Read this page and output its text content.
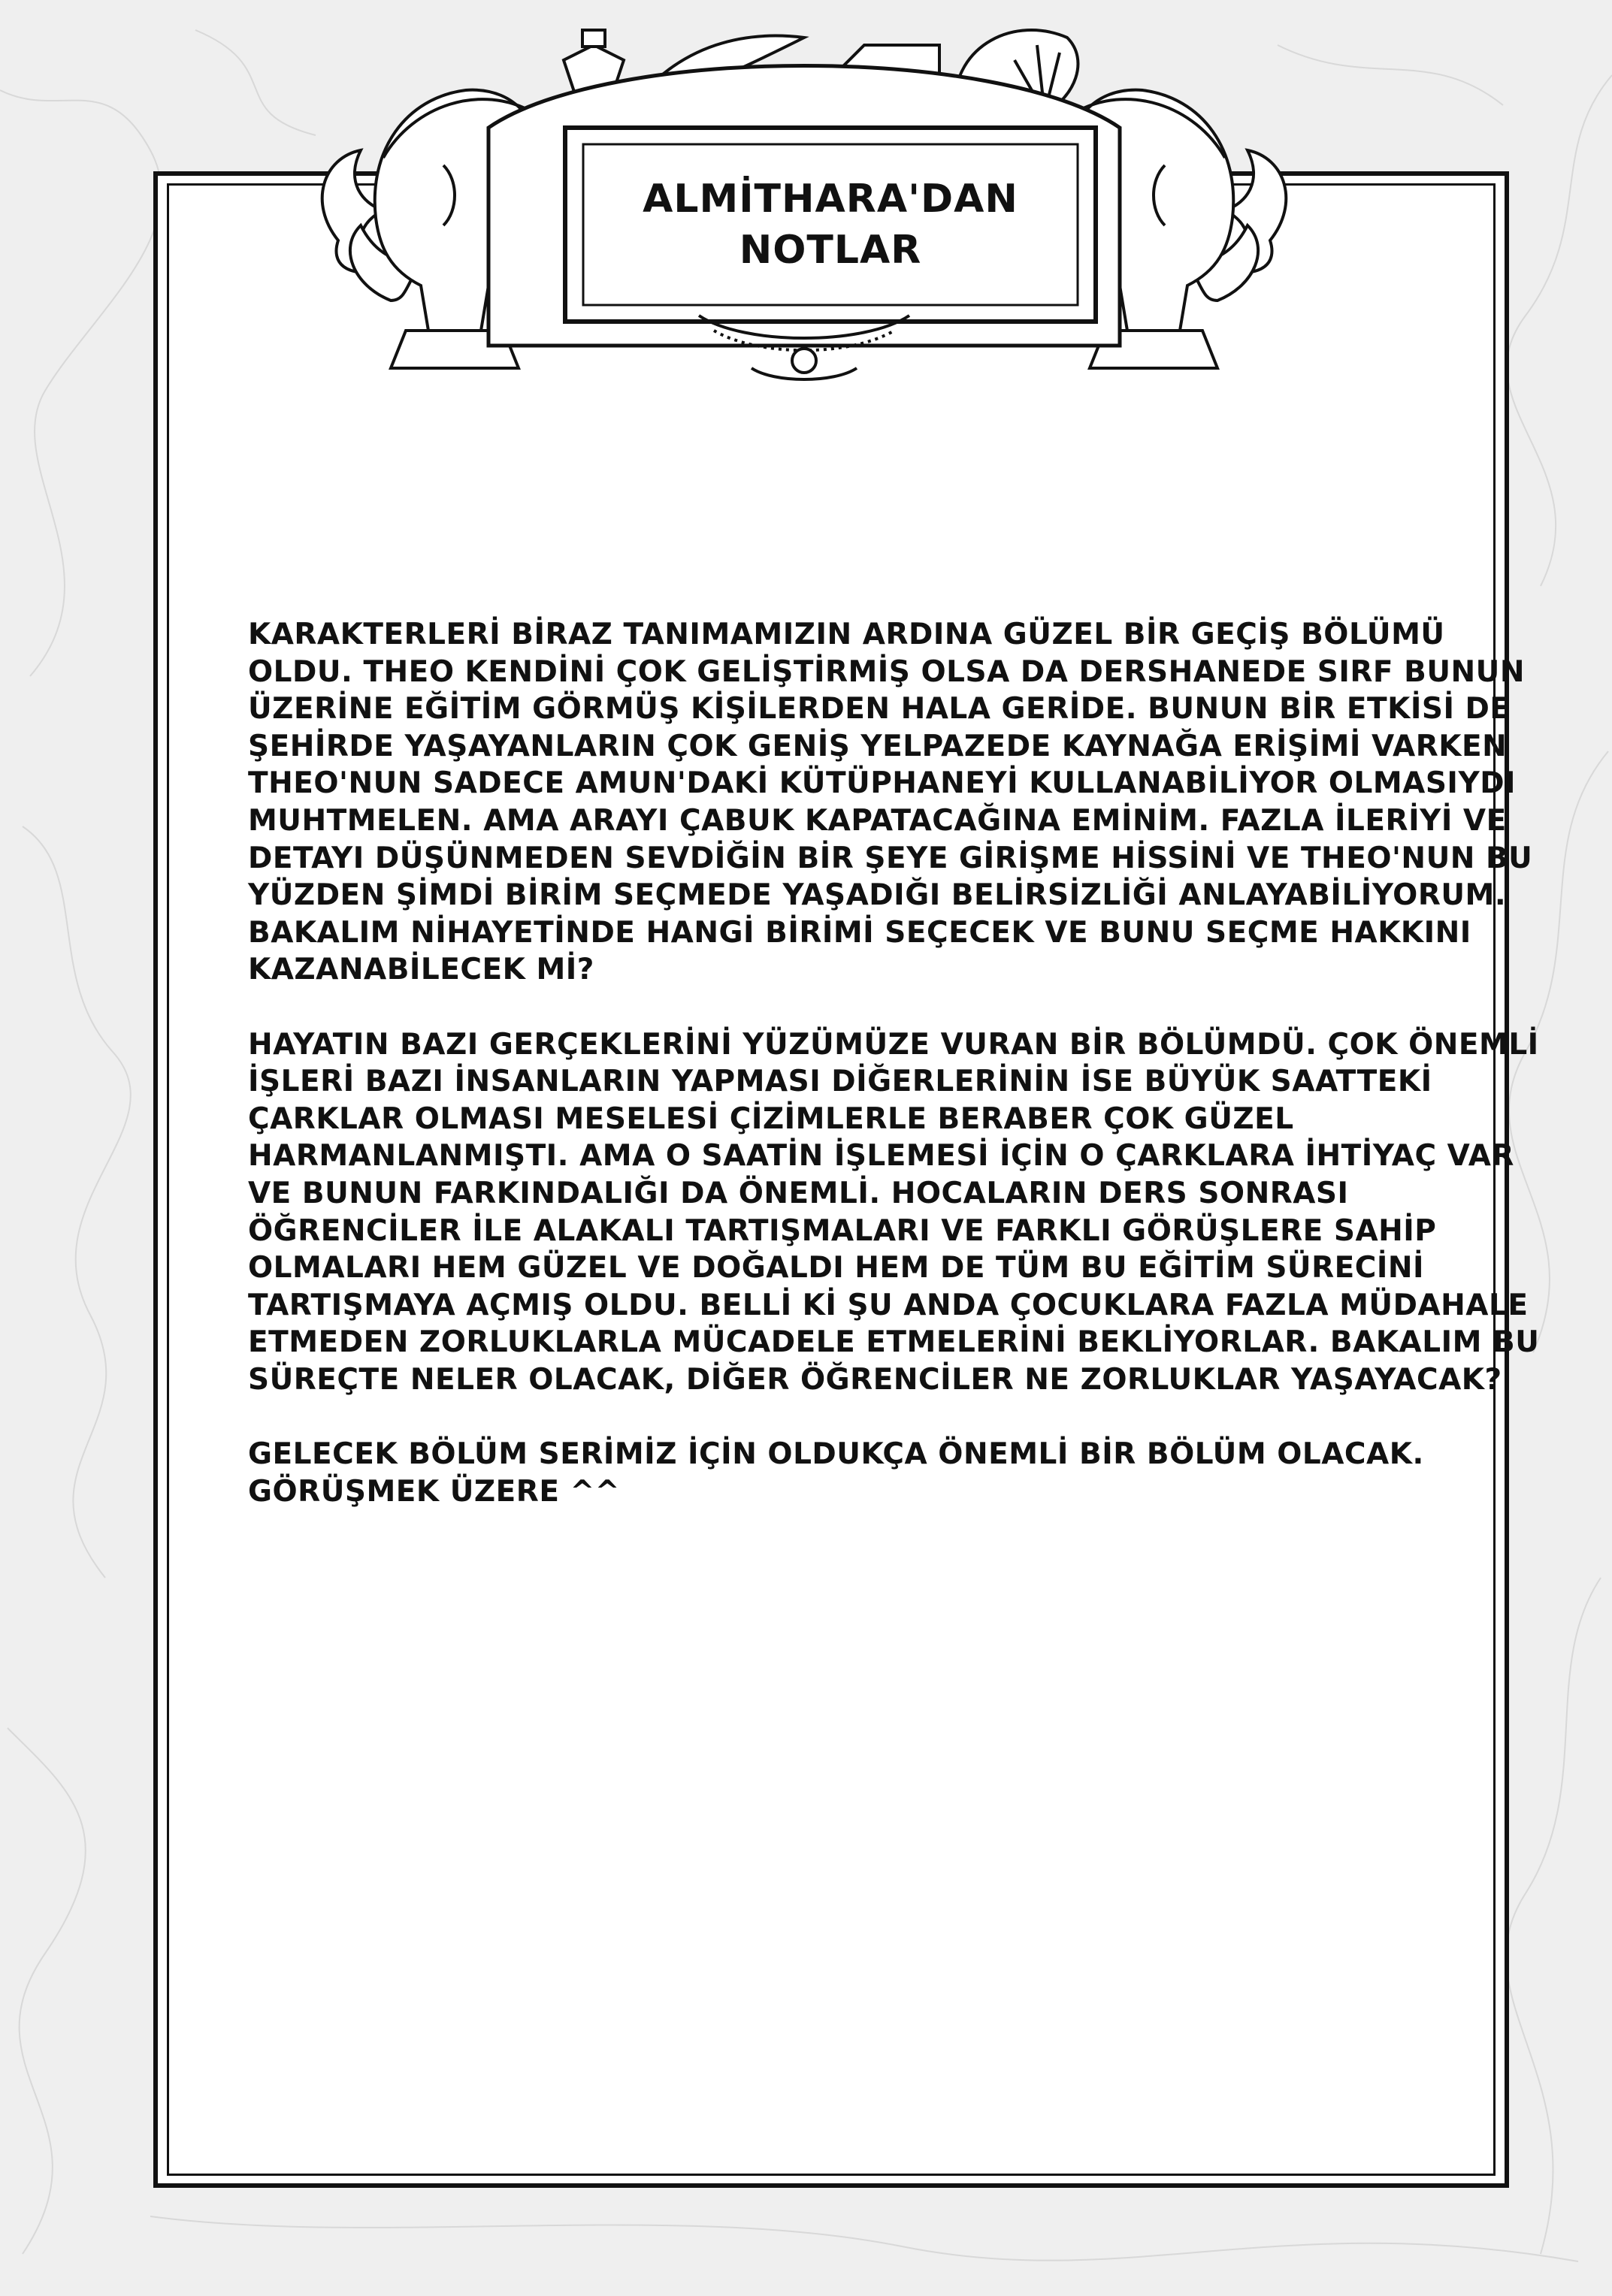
ALMİTHARA'DAN
NOTLAR
KARAKTERLERİ BİRAZ TANIMAMIZIN ARDINA GÜZEL BİR GEÇİŞ BÖLÜMÜ
OLDU. THEO KENDİNİ ÇOK GELİŞTİRMİŞ OLSA DA DERSHANEDE SIRF BUNUN
ÜZERİNE EĞİTİM GÖRMÜŞ KİŞİLERDEN HALA GERİDE. BUNUN BİR ETKİSİ DE
ŞEHİRDE YAŞAYANLARIN ÇOK GENİŞ YELPAZEDE KAYNAĞA ERİŞİMİ VARKEN
THEO'NUN SADECE AMUN'DAKİ KÜTÜPHANEYİ KULLANABİLİYOR OLMASIYDI
MUHTMELEN. AMA ARAYI ÇABUK KAPATACAĞINA EMİNİM. FAZLA İLERİYİ VE
DETAYI DÜŞÜNMEDEN SEVDİĞİN BİR ŞEYE GİRİŞME HİSSİNİ VE THEO'NUN BU
YÜZDEN ŞİMDİ BİRİM SEÇMEDE YAŞADIĞI BELİRSİZLİĞİ ANLAYABİLİYORUM.
BAKALIM NİHAYETİNDE HANGİ BİRİMİ SEÇECEK VE BUNU SEÇME HAKKINI
KAZANABİLECEK Mİ?
HAYATIN BAZI GERÇEKLERİNİ YÜZÜMÜZE VURAN BİR BÖLÜMDÜ. ÇOK ÖNEMLİ
İŞLERİ BAZI İNSANLARIN YAPMASI DİĞERLERİNİN İSE BÜYÜK SAATTEKİ
ÇARKLAR OLMASI MESELESİ ÇİZİMLERLE BERABER ÇOK GÜZEL
HARMANLANMIŞTI. AMA O SAATİN İŞLEMESİ İÇİN O ÇARKLARA İHTİYAÇ VAR
VE BUNUN FARKINDALIĞI DA ÖNEMLİ. HOCALARIN DERS SONRASI
ÖĞRENCİLER İLE ALAKALI TARTIŞMALARI VE FARKLI GÖRÜŞLERE SAHİP
OLMALARI HEM GÜZEL VE DOĞALDI HEM DE TÜM BU EĞİTİM SÜRECİNİ
TARTIŞMAYA AÇMIŞ OLDU. BELLİ Kİ ŞU ANDA ÇOCUKLARA FAZLA MÜDAHALE
ETMEDEN ZORLUKLARLA MÜCADELE ETMELERİNİ BEKLİYORLAR. BAKALIM BU
SÜREÇTE NELER OLACAK, DİĞER ÖĞRENCİLER NE ZORLUKLAR YAŞAYACAK?
GELECEK BÖLÜM SERİMİZ İÇİN OLDUKÇA ÖNEMLİ BİR BÖLÜM OLACAK.
GÖRÜŞMEK ÜZERE ^^
